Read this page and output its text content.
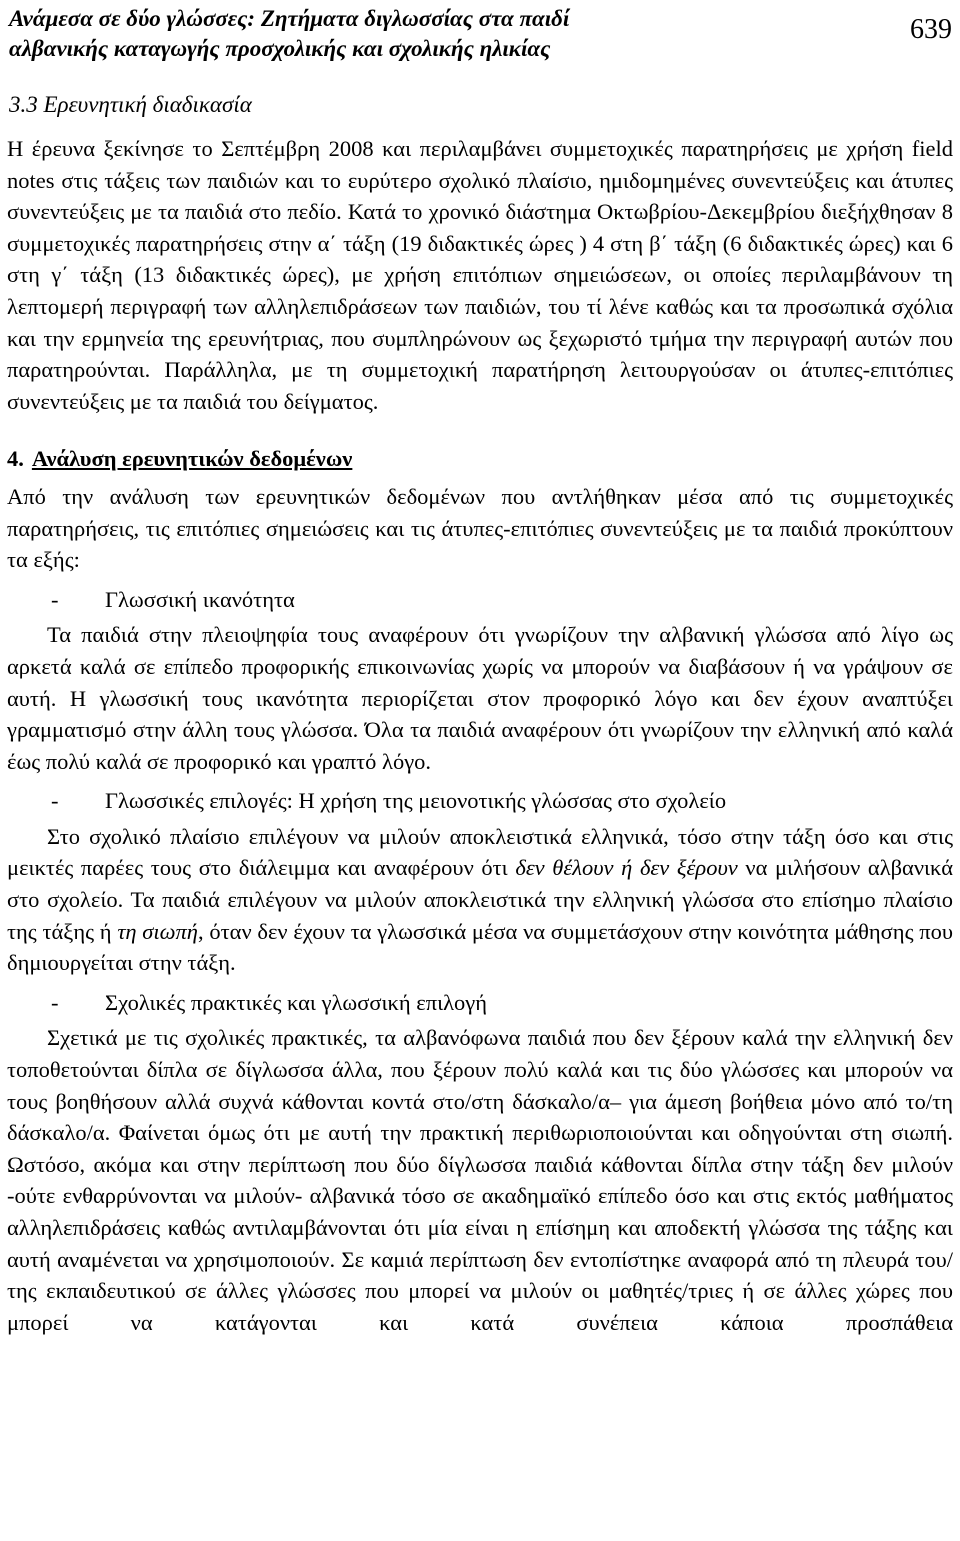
Ανάμεσα σε δύο γλώσσες: Ζητήματα διγλωσσίας στα παιδί
αλβανικής καταγωγής προσχολικής και σχολικής ηλικίας
639
3.3 Ερευνητική διαδικασία

Η έρευνα ξεκίνησε το Σεπτέμβρη 2008 και περιλαμβάνει συμμετοχικές παρατηρήσεις με χρήση field notes στις τάξεις των παιδιών και το ευρύτερο σχολικό πλαίσιο, ημιδομημένες συνεντεύξεις και άτυπες συνεντεύξεις με τα παιδιά στο πεδίο. Κατά το χρονικό διάστημα Οκτωβρίου-Δεκεμβρίου διεξήχθησαν 8 συμμετοχικές παρατηρήσεις στην α΄ τάξη (19 διδακτικές ώρες ) 4 στη β΄ τάξη (6 διδακτικές ώρες) και 6 στη γ΄ τάξη (13 διδακτικές ώρες), με χρήση επιτόπιων σημειώσεων, οι οποίες περιλαμβάνουν τη λεπτομερή περιγραφή των αλληλεπιδράσεων των παιδιών, του τί λένε καθώς και τα προσωπικά σχόλια και την ερμηνεία της ερευνήτριας, που συμπληρώνουν ως ξεχωριστό τμήμα την περιγραφή αυτών που παρατηρούνται. Παράλληλα, με τη συμμετοχική παρατήρηση λειτουργούσαν οι άτυπες-επιτόπιες συνεντεύξεις με τα παιδιά του δείγματος.

4. Ανάλυση ερευνητικών δεδομένων

Από την ανάλυση των ερευνητικών δεδομένων που αντλήθηκαν μέσα από τις συμμετοχικές παρατηρήσεις, τις επιτόπιες σημειώσεις και τις άτυπες-επιτόπιες συνεντεύξεις με τα παιδιά προκύπτουν τα εξής:

- Γλωσσική ικανότητα

Τα παιδιά στην πλειοψηφία τους αναφέρουν ότι γνωρίζουν την αλβανική γλώσσα από λίγο ως αρκετά καλά σε επίπεδο προφορικής επικοινωνίας χωρίς να μπορούν να διαβάσουν ή να γράψουν σε αυτή. Η γλωσσική τους ικανότητα περιορίζεται στον προφορικό λόγο και δεν έχουν αναπτύξει γραμματισμό στην άλλη τους γλώσσα. Όλα τα παιδιά αναφέρουν ότι γνωρίζουν την ελληνική από καλά έως πολύ καλά σε προφορικό και γραπτό λόγο.

- Γλωσσικές επιλογές: Η χρήση της μειονοτικής γλώσσας στο σχολείο

Στο σχολικό πλαίσιο επιλέγουν να μιλούν αποκλειστικά ελληνικά, τόσο στην τάξη όσο και στις μεικτές παρέες τους στο διάλειμμα και αναφέρουν ότι δεν θέλουν ή δεν ξέρουν να μιλήσουν αλβανικά στο σχολείο. Τα παιδιά επιλέγουν να μιλούν αποκλειστικά την ελληνική γλώσσα στο επίσημο πλαίσιο της τάξης ή τη σιωπή, όταν δεν έχουν τα γλωσσικά μέσα να συμμετάσχουν στην κοινότητα μάθησης που δημιουργείται στην τάξη.

- Σχολικές πρακτικές και γλωσσική επιλογή

Σχετικά με τις σχολικές πρακτικές, τα αλβανόφωνα παιδιά που δεν ξέρουν καλά την ελληνική δεν τοποθετούνται δίπλα σε δίγλωσσα άλλα, που ξέρουν πολύ καλά και τις δύο γλώσσες και μπορούν να τους βοηθήσουν αλλά συχνά κάθονται κοντά στο/στη δάσκαλο/α– για άμεση βοήθεια μόνο από το/τη δάσκαλο/α. Φαίνεται όμως ότι με αυτή την πρακτική περιθωριοποιούνται και οδηγούνται στη σιωπή. Ωστόσο, ακόμα και στην περίπτωση που δύο δίγλωσσα παιδιά κάθονται δίπλα στην τάξη δεν μιλούν -ούτε ενθαρρύνονται να μιλούν- αλβανικά τόσο σε ακαδημαϊκό επίπεδο όσο και στις εκτός μαθήματος αλληλεπιδράσεις καθώς αντιλαμβάνονται ότι μία είναι η επίσημη και αποδεκτή γλώσσα της τάξης και αυτή αναμένεται να χρησιμοποιούν. Σε καμιά περίπτωση δεν εντοπίστηκε αναφορά από τη πλευρά του/της εκπαιδευτικού σε άλλες γλώσσες που μπορεί να μιλούν οι μαθητές/τριες ή σε άλλες χώρες που μπορεί να κατάγονται και κατά συνέπεια κάποια προσπάθεια
